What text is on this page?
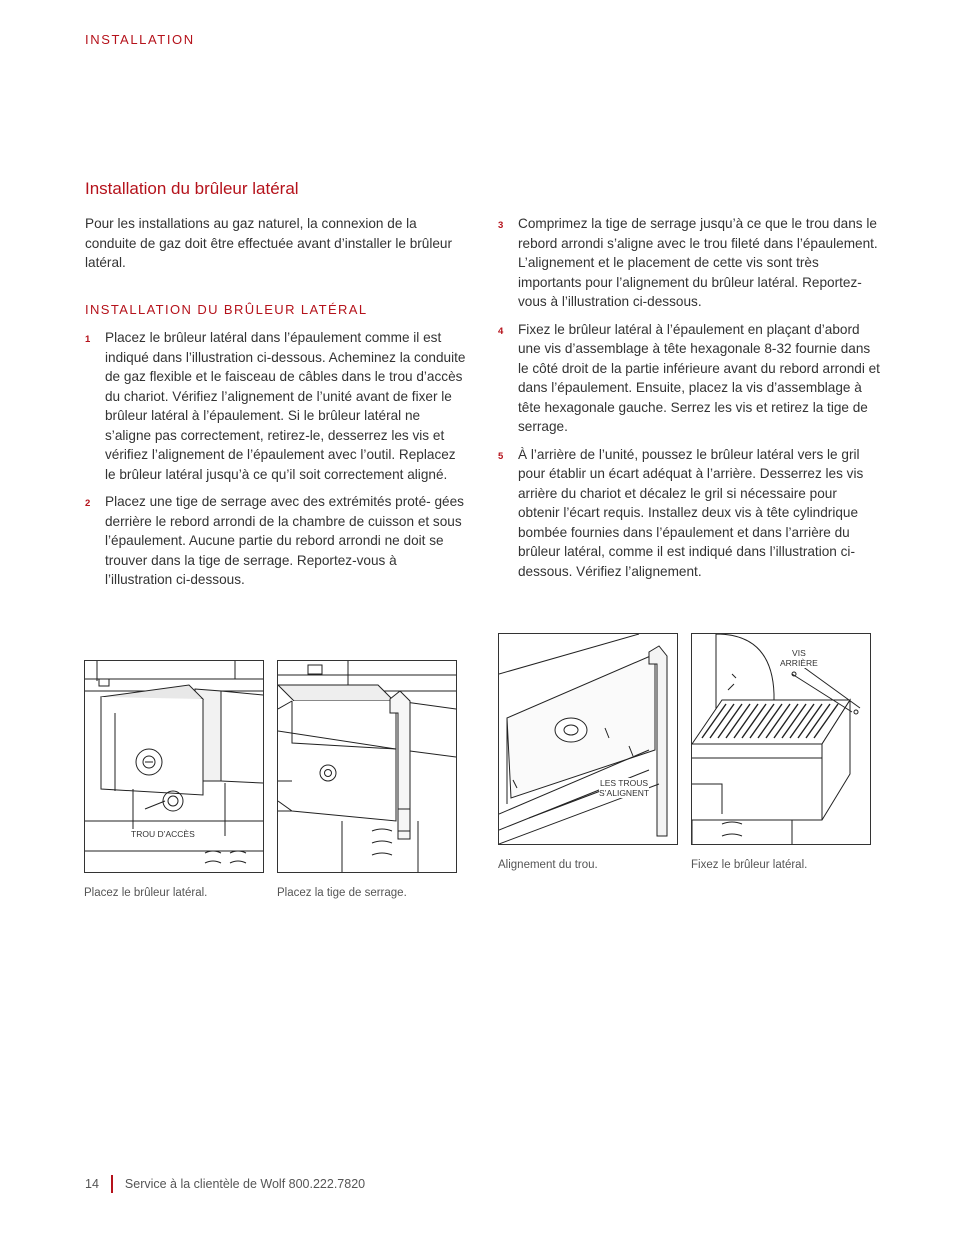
INSTALLATION
Installation du brûleur latéral

Pour les installations au gaz naturel, la connexion de la conduite de gaz doit être effectuée avant d’installer le brûleur latéral.

INSTALLATION DU BRÛLEUR LATÉRAL
1 Placez le brûleur latéral dans l’épaulement comme il est indiqué dans l’illustration ci-dessous. Acheminez la conduite de gaz flexible et le faisceau de câbles dans le trou d’accès du chariot. Vérifiez l’alignement de l’unité avant de fixer le brûleur latéral à l’épaulement. Si le brûleur latéral ne s’aligne pas correctement, retirez-le, desserrez les vis et vérifiez l’alignement de l’épaulement avec l’outil. Replacez le brûleur latéral jusqu’à ce qu’il soit correctement aligné.
2 Placez une tige de serrage avec des extrémités proté- gées derrière le rebord arrondi de la chambre de cuisson et sous l’épaulement. Aucune partie du rebord arrondi ne doit se trouver dans la tige de serrage. Reportez-vous à l’illustration ci-dessous.
3 Comprimez la tige de serrage jusqu’à ce que le trou dans le rebord arrondi s’aligne avec le trou fileté dans l’épaulement. L’alignement et le placement de cette vis sont très importants pour l’alignement du brûleur latéral. Reportez-vous à l’illustration ci-dessous.
4 Fixez le brûleur latéral à l’épaulement en plaçant d’abord une vis d’assemblage à tête hexagonale 8-32 fournie dans le côté droit de la partie inférieure avant du rebord arrondi et dans l’épaulement. Ensuite, placez la vis d’assemblage à tête hexagonale gauche. Serrez les vis et retirez la tige de serrage.
5 À l’arrière de l’unité, poussez le brûleur latéral vers le gril pour établir un écart adéquat à l’arrière. Desserrez les vis arrière du chariot et décalez le gril si nécessaire pour obtenir l’écart requis. Installez deux vis à tête cylindrique bombée fournies dans l’épaulement et dans l’arrière du brûleur latéral, comme il est indiqué dans l’illustration ci-dessous. Vérifiez l’alignement.
TROU D’ACCÈS
Placez le brûleur latéral.	Placez la tige de serrage.
LES TROUS
S’ALIGNENT
Alignement du trou.
VIS
ARRIÈRE
Fixez le brûleur latéral.
14 Service à la clientèle de Wolf 800.222.7820
